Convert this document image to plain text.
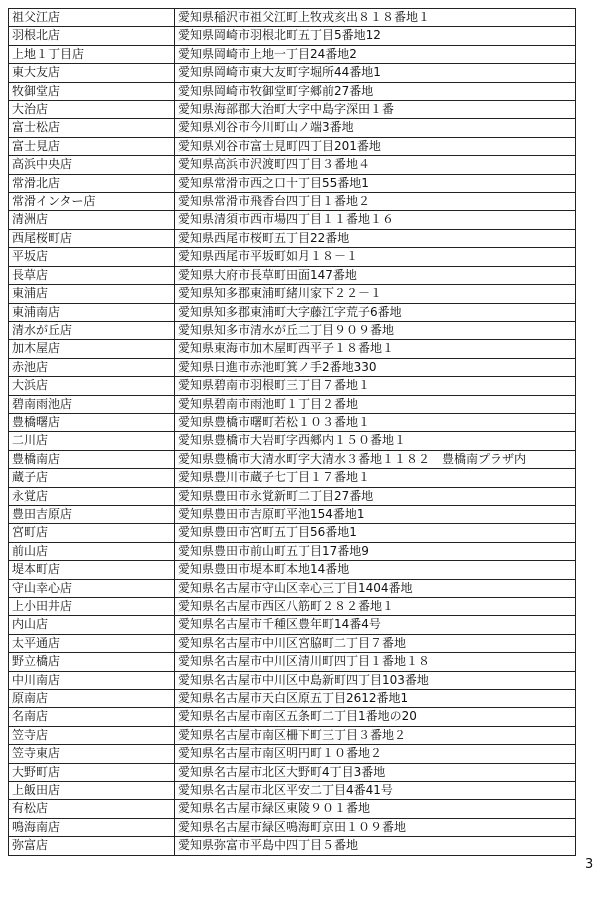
祖父江店	愛知県稲沢市祖父江町上牧戎亥出８１８番地１
羽根北店	愛知県岡崎市羽根北町五丁目5番地12
上地１丁目店	愛知県岡崎市上地一丁目24番地2
東大友店	愛知県岡崎市東大友町字堀所44番地1
牧御堂店	愛知県岡崎市牧御堂町字郷前27番地
大治店	愛知県海部郡大治町大字中島字深田１番
富士松店	愛知県刈谷市今川町山ノ端3番地
富士見店	愛知県刈谷市富士見町四丁目201番地
高浜中央店	愛知県高浜市沢渡町四丁目３番地４
常滑北店	愛知県常滑市西之口十丁目55番地1
常滑インター店	愛知県常滑市飛香台四丁目１番地２
清洲店	愛知県清須市西市場四丁目１１番地１６
西尾桜町店	愛知県西尾市桜町五丁目22番地
平坂店	愛知県西尾市平坂町如月１８－１
長草店	愛知県大府市長草町田面147番地
東浦店	愛知県知多郡東浦町緒川家下２２－１
東浦南店	愛知県知多郡東浦町大字藤江字荒子6番地
清水が丘店	愛知県知多市清水が丘二丁目９０９番地
加木屋店	愛知県東海市加木屋町西平子１８番地１
赤池店	愛知県日進市赤池町箕ノ手2番地330
大浜店	愛知県碧南市羽根町三丁目７番地１
碧南雨池店	愛知県碧南市雨池町１丁目２番地
豊橋曙店	愛知県豊橋市曙町若松１０３番地１
二川店	愛知県豊橋市大岩町字西郷内１５０番地１
豊橋南店	愛知県豊橋市大清水町字大清水３番地１１８２　豊橋南プラザ内
蔵子店	愛知県豊川市蔵子七丁目１７番地１
永覚店	愛知県豊田市永覚新町二丁目27番地
豊田吉原店	愛知県豊田市吉原町平池154番地1
宮町店	愛知県豊田市宮町五丁目56番地1
前山店	愛知県豊田市前山町五丁目17番地9
堤本町店	愛知県豊田市堤本町本地14番地
守山幸心店	愛知県名古屋市守山区幸心三丁目1404番地
上小田井店	愛知県名古屋市西区八筋町２８２番地１
内山店	愛知県名古屋市千種区豊年町14番4号
太平通店	愛知県名古屋市中川区宮脇町二丁目７番地
野立橋店	愛知県名古屋市中川区清川町四丁目１番地１８
中川南店	愛知県名古屋市中川区中島新町四丁目103番地
原南店	愛知県名古屋市天白区原五丁目2612番地1
名南店	愛知県名古屋市南区五条町二丁目1番地の20
笠寺店	愛知県名古屋市南区柵下町三丁目３番地２
笠寺東店	愛知県名古屋市南区明円町１０番地２
大野町店	愛知県名古屋市北区大野町4丁目3番地
上飯田店	愛知県名古屋市北区平安二丁目4番41号
有松店	愛知県名古屋市緑区東陵９０１番地
鳴海南店	愛知県名古屋市緑区鳴海町京田１０９番地
弥富店	愛知県弥富市平島中四丁目５番地
3
